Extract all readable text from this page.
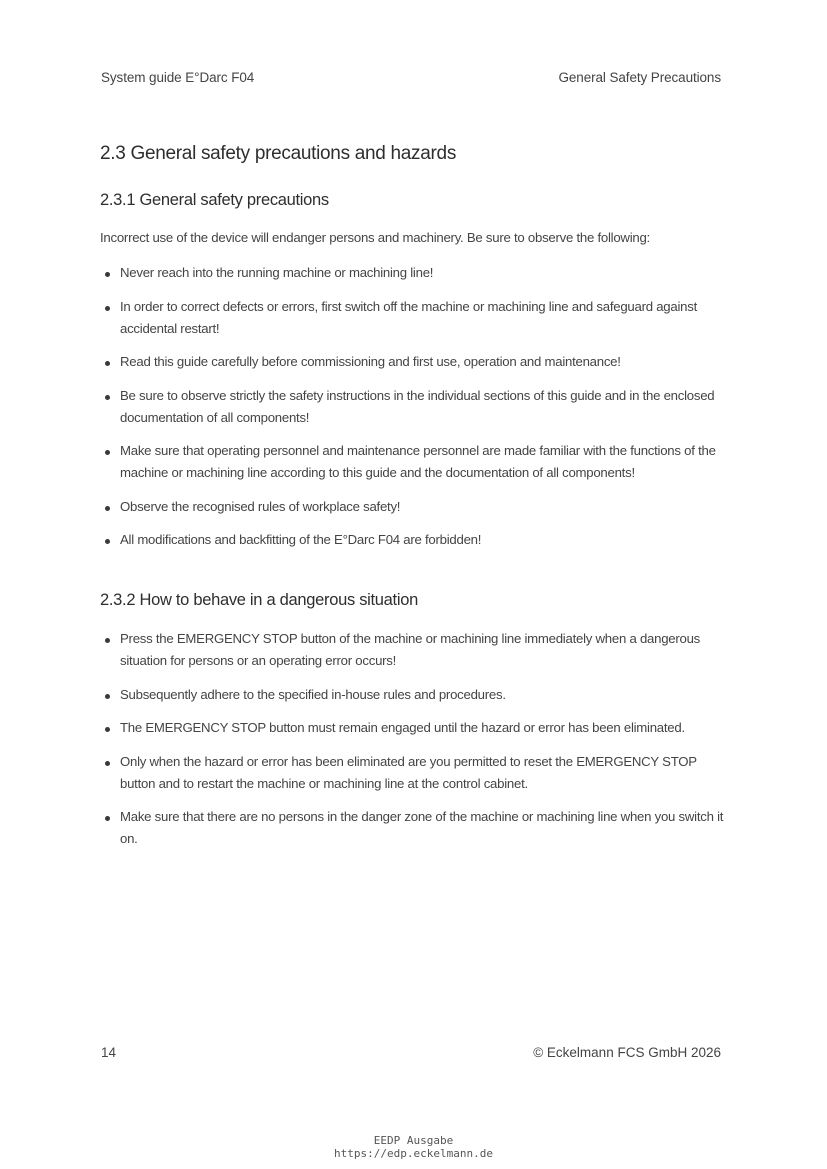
System guide E°Darc F04	General Safety Precautions
2.3 General safety precautions and hazards
2.3.1 General safety precautions

Incorrect use of the device will endanger persons and machinery. Be sure to observe the following:

Never reach into the running machine or machining line!
In order to correct defects or errors, first switch off the machine or machining line and safeguard against accidental restart!
Read this guide carefully before commissioning and first use, operation and maintenance!
Be sure to observe strictly the safety instructions in the individual sections of this guide and in the enclosed documentation of all components!
Make sure that operating personnel and maintenance personnel are made familiar with the functions of the machine or machining line according to this guide and the documentation of all components!
Observe the recognised rules of workplace safety!
All modifications and backfitting of the E°Darc F04 are forbidden!
2.3.2 How to behave in a dangerous situation
Press the EMERGENCY STOP button of the machine or machining line immediately when a dangerous situation for persons or an operating error occurs!
Subsequently adhere to the specified in-house rules and procedures.
The EMERGENCY STOP button must remain engaged until the hazard or error has been eliminated.
Only when the hazard or error has been eliminated are you permitted to reset the EMERGENCY STOP button and to restart the machine or machining line at the control cabinet.
Make sure that there are no persons in the danger zone of the machine or machining line when you switch it on.
14	© Eckelmann FCS GmbH 2026
EEDP Ausgabe
https://edp.eckelmann.de
